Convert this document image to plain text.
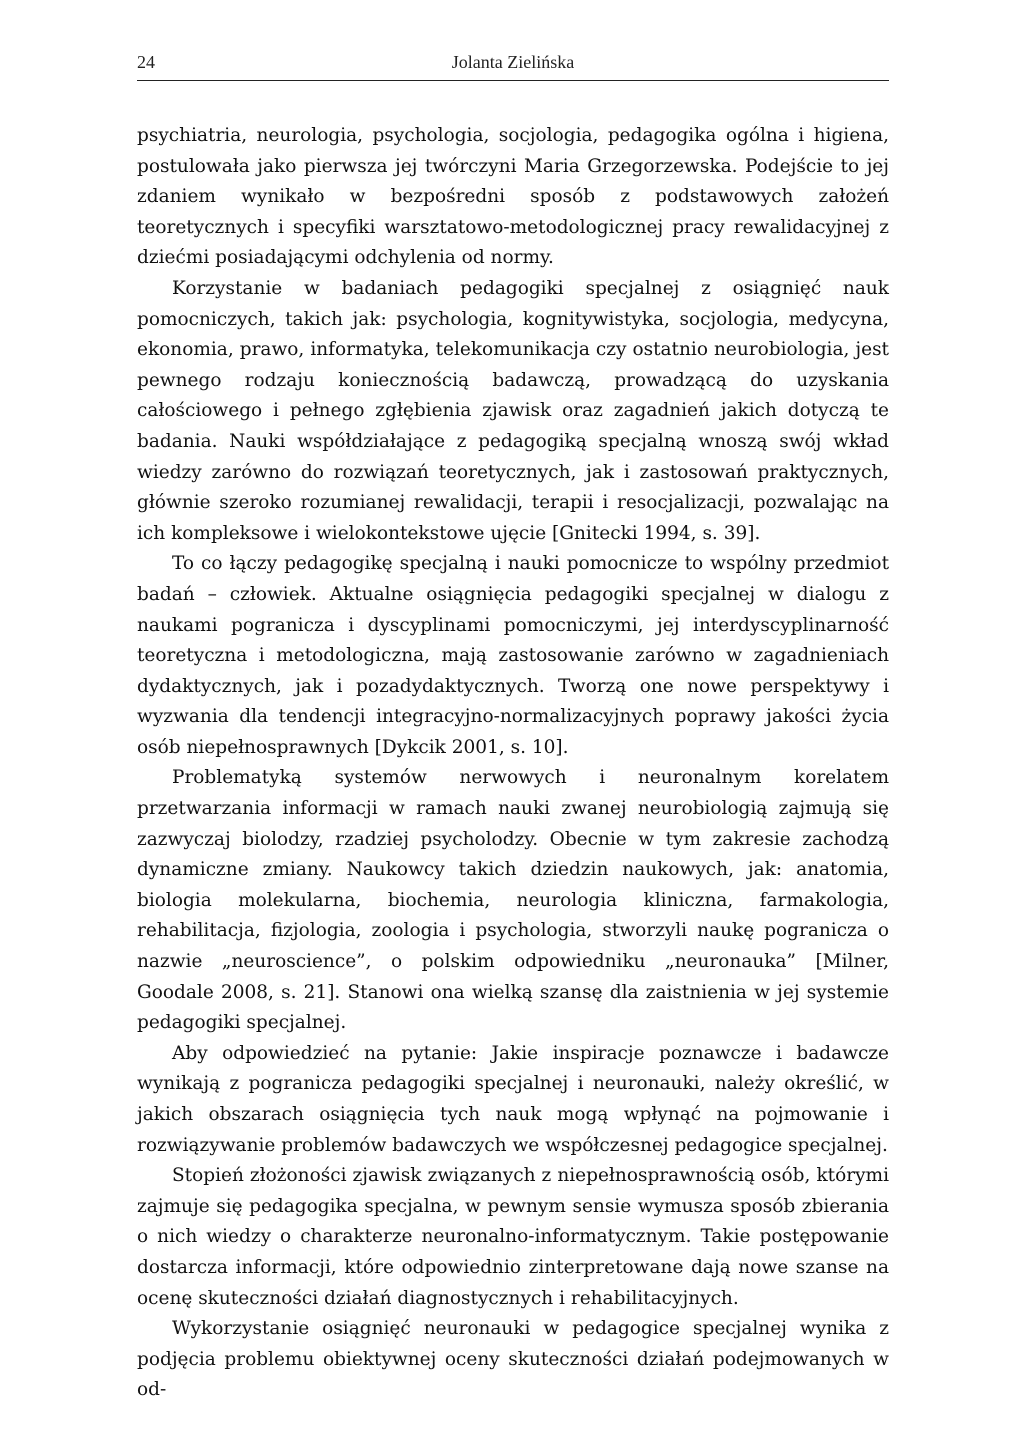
24	Jolanta Zielińska

psychiatria, neurologia, psychologia, socjologia, pedagogika ogólna i higiena, postulowała jako pierwsza jej twórczyni Maria Grzegorzewska. Podejście to jej zdaniem wynikało w bezpośredni sposób z podstawowych założeń teoretycznych i specyfiki warsztatowo-metodologicznej pracy rewalidacyjnej z dziećmi posiadającymi odchylenia od normy.

Korzystanie w badaniach pedagogiki specjalnej z osiągnięć nauk pomocniczych, takich jak: psychologia, kognitywistyka, socjologia, medycyna, ekonomia, prawo, informatyka, telekomunikacja czy ostatnio neurobiologia, jest pewnego rodzaju koniecznością badawczą, prowadzącą do uzyskania całościowego i pełnego zgłębienia zjawisk oraz zagadnień jakich dotyczą te badania. Nauki współdziałające z pedagogiką specjalną wnoszą swój wkład wiedzy zarówno do rozwiązań teoretycznych, jak i zastosowań praktycznych, głównie szeroko rozumianej rewalidacji, terapii i resocjalizacji, pozwalając na ich kompleksowe i wielokontekstowe ujęcie [Gnitecki 1994, s. 39].

To co łączy pedagogikę specjalną i nauki pomocnicze to wspólny przedmiot badań – człowiek. Aktualne osiągnięcia pedagogiki specjalnej w dialogu z naukami pogranicza i dyscyplinami pomocniczymi, jej interdyscyplinarność teoretyczna i metodologiczna, mają zastosowanie zarówno w zagadnieniach dydaktycznych, jak i pozadydaktycznych. Tworzą one nowe perspektywy i wyzwania dla tendencji integracyjno-normalizacyjnych poprawy jakości życia osób niepełnosprawnych [Dykcik 2001, s. 10].

Problematyką systemów nerwowych i neuronalnym korelatem przetwarzania informacji w ramach nauki zwanej neurobiologią zajmują się zazwyczaj biolodzy, rzadziej psycholodzy. Obecnie w tym zakresie zachodzą dynamiczne zmiany. Naukowcy takich dziedzin naukowych, jak: anatomia, biologia molekularna, biochemia, neurologia kliniczna, farmakologia, rehabilitacja, fizjologia, zoologia i psychologia, stworzyli naukę pogranicza o nazwie „neuroscience”, o polskim odpowiedniku „neuronauka” [Milner, Goodale 2008, s. 21]. Stanowi ona wielką szansę dla zaistnienia w jej systemie pedagogiki specjalnej.

Aby odpowiedzieć na pytanie: Jakie inspiracje poznawcze i badawcze wynikają z pogranicza pedagogiki specjalnej i neuronauki, należy określić, w jakich obszarach osiągnięcia tych nauk mogą wpłynąć na pojmowanie i rozwiązywanie problemów badawczych we współczesnej pedagogice specjalnej.

Stopień złożoności zjawisk związanych z niepełnosprawnością osób, którymi zajmuje się pedagogika specjalna, w pewnym sensie wymusza sposób zbierania o nich wiedzy o charakterze neuronalno-informatycznym. Takie postępowanie dostarcza informacji, które odpowiednio zinterpretowane dają nowe szanse na ocenę skuteczności działań diagnostycznych i rehabilitacyjnych.

Wykorzystanie osiągnięć neuronauki w pedagogice specjalnej wynika z podjęcia problemu obiektywnej oceny skuteczności działań podejmowanych w od-
